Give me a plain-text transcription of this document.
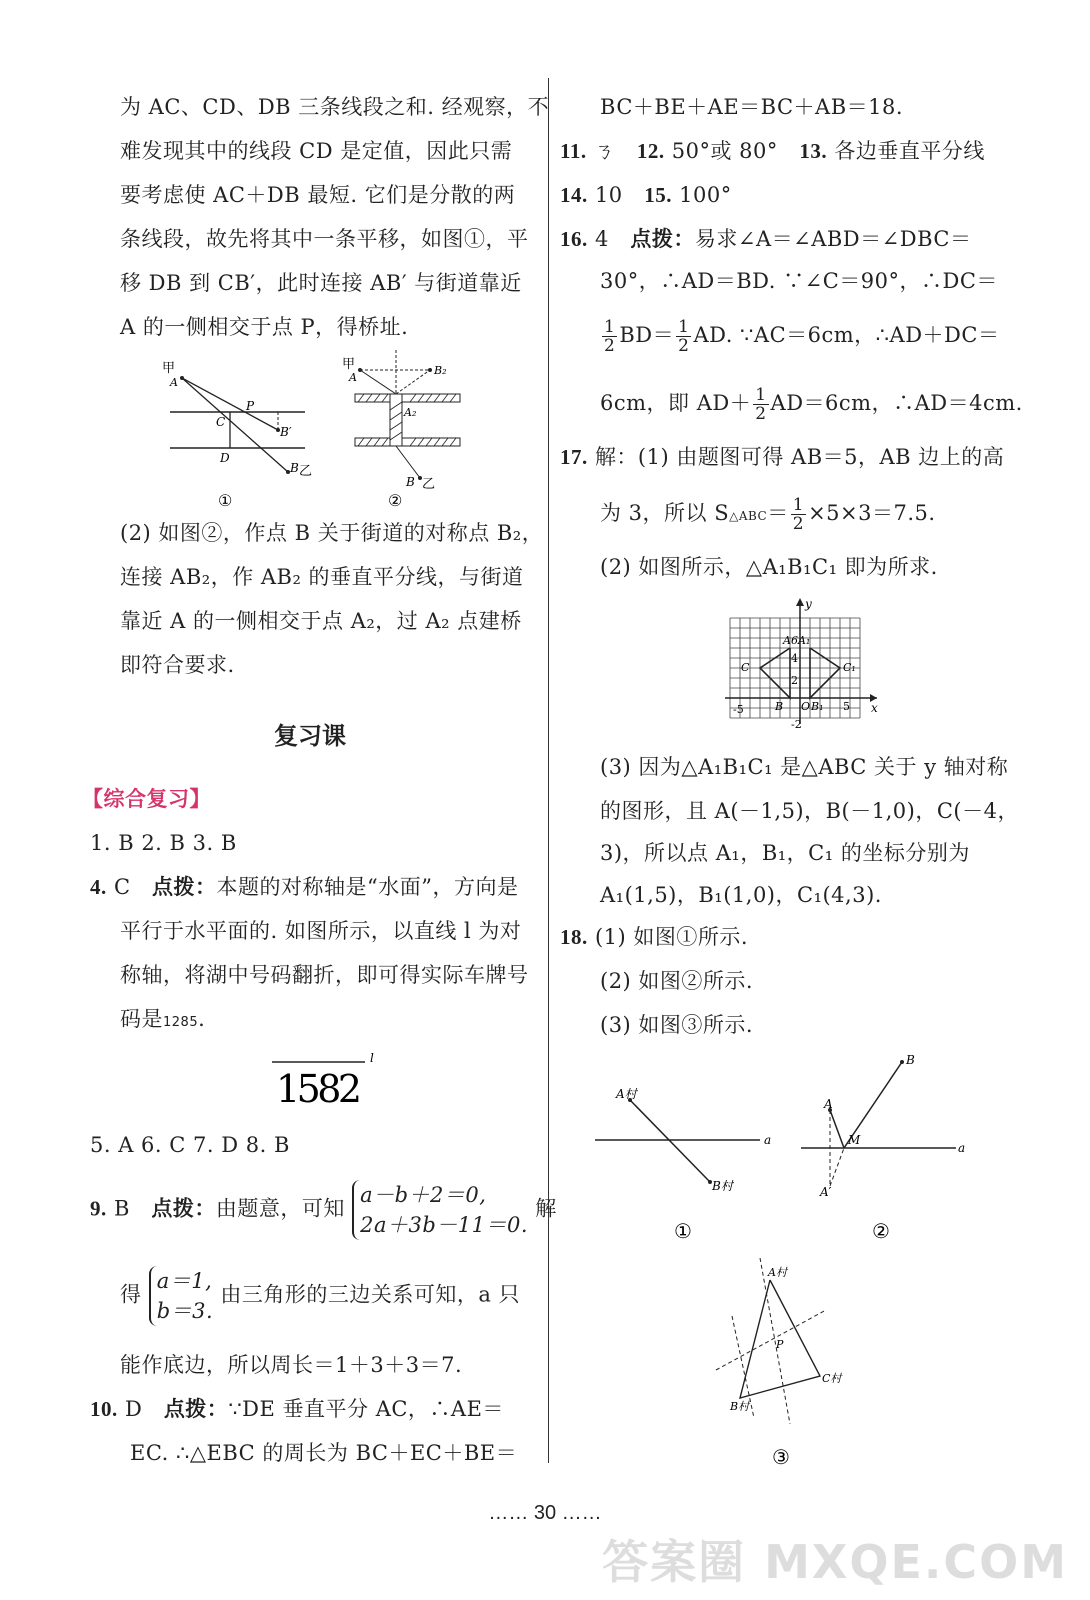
为 AC、CD、DB 三条线段之和. 经观察，不
难发现其中的线段 CD 是定值，因此只需
要考虑使 AC＋DB 最短. 它们是分散的两
条线段，故先将其中一条平移，如图①，平
移 DB 到 CB′，此时连接 AB′ 与街道靠近
A 的一侧相交于点 P，得桥址.
甲
A
P
C
B′
D
B 乙
①
甲
A
B₂
A₂
B 乙
②
(2) 如图②，作点 B 关于街道的对称点 B₂，
连接 AB₂，作 AB₂ 的垂直平分线，与街道
靠近 A 的一侧相交于点 A₂，过 A₂ 点建桥
即符合要求.
复习课
【综合复习】
1. B 2. B 3. B
4. C 点拨：本题的对称轴是“水面”，方向是
平行于水平面的. 如图所示，以直线 l 为对
称轴，将湖中号码翻折，即可得实际车牌号
码是1285.
l
1582
5. A 6. C 7. D 8. B
9. B 点拨：由题意，可知
a－b＋2＝0,
2a＋3b－11＝0.
解
得
a＝1,
b＝3.
由三角形的三边关系可知，a 只
能作底边，所以周长＝1＋3＋3＝7.
10. D 点拨：∵DE 垂直平分 AC，∴AE＝
EC. ∴△EBC 的周长为 BC＋EC＋BE＝
BC＋BE＋AE＝BC＋AB＝18.
11. ㄋ 12. 50°或 80° 13. 各边垂直平分线
14. 10 15. 100°
16. 4 点拨：易求∠A＝∠ABD＝∠DBC＝
30°，∴AD＝BD. ∵∠C＝90°，∴DC＝
$\frac{1}{2} BD= \frac{1}{2}$ AD. ∵AC＝6cm，∴AD＋DC＝
6cm，即 $AD+ \frac{1}{2} AD=6cm$，∴AD＝4cm.
17. 解：(1) 由题图可得 AB＝5，AB 边上的高
为 3，所以 S△ABC＝ $\frac{1}{2} \times 5\times 3=7.5$.
(2) 如图所示，△A₁B₁C₁ 即为所求.
y
x
A6A₁
4
2
-5	5
-2
C	C₁
B O B₁
(3) 因为△A₁B₁C₁ 是△ABC 关于 y 轴对称
的图形，且 A(－1,5)，B(－1,0)，C(－4，
3)，所以点 A₁，B₁，C₁ 的坐标分别为
A₁(1,5)，B₁(1,0)，C₁(4,3).
18. (1) 如图①所示.
(2) 如图②所示.
(3) 如图③所示.
A村
B村
a
①
B
A
M
A′
a
②
A村
B村
C村
P
③
…… 30 ……
答案圈 MXQE.COM
